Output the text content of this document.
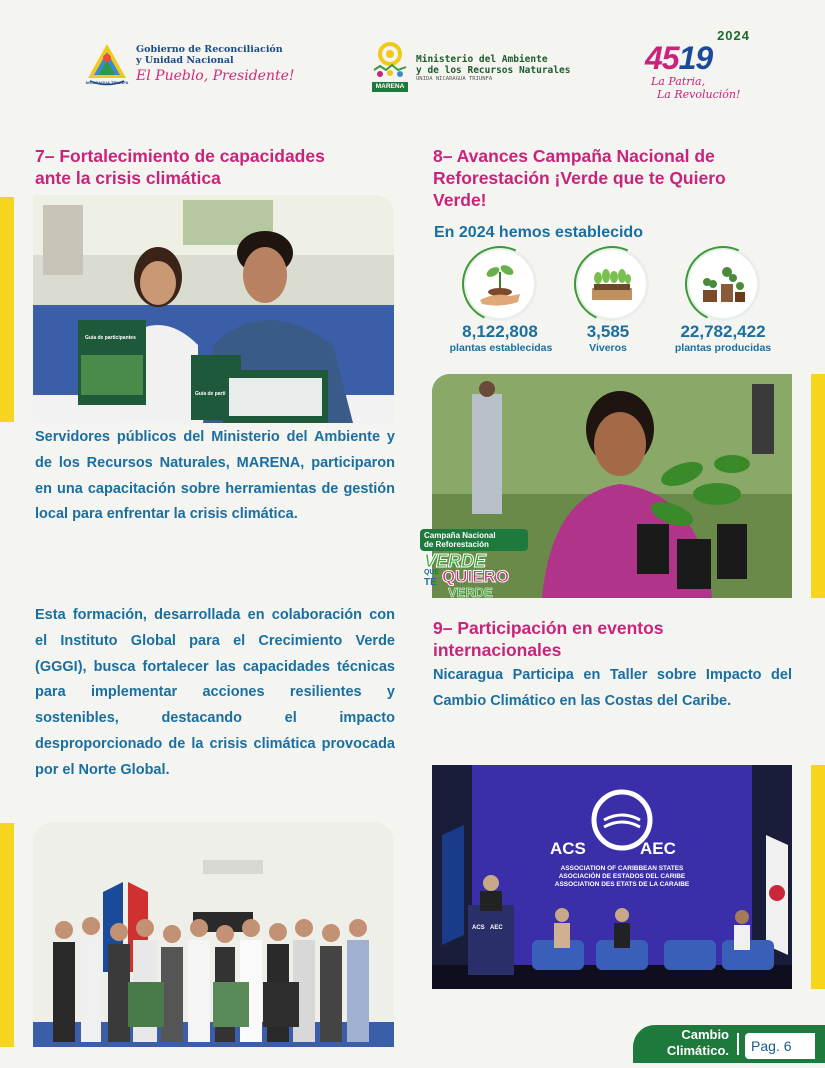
NICARAGUA TRIUNFA
Gobierno de Reconciliación
y Unidad Nacional
El Pueblo, Presidente!
MARENA
Ministerio del Ambiente
y de los Recursos Naturales
UNIDA NICARAGUA TRIUNFA
2024
4519
La Patria,
La Revolución!
7– Fortalecimiento de capacidades
ante la crisis climática
Guía de participantes
Guía de parti
Servidores públicos del Ministerio del Ambiente y de los Recursos Naturales, MARENA, participaron en una capacitación sobre herramientas de gestión local para enfrentar la crisis climática.
Esta formación, desarrollada en colaboración con el Instituto Global para el Crecimiento Verde (GGGI), busca fortalecer las capacidades técnicas para implementar acciones resilientes y sostenibles, destacando el impacto desproporcionado de la crisis climática provocada por el Norte Global.
8– Avances Campaña Nacional de
Reforestación ¡Verde que te Quiero
Verde!
En 2024 hemos establecido
8,122,808
plantas establecidas
3,585
Viveros
22,782,422
plantas producidas
Campaña Nacional
de Reforestación
VERDE
QUE
TE QUIERO
VERDE
9– Participación en eventos
internacionales
Nicaragua Participa en Taller sobre Impacto del Cambio Climático en las Costas del Caribe.
ACS	AEC
ASSOCIATION OF CARIBBEAN STATES
ASOCIACIÓN DE ESTADOS DEL CARIBE
ASSOCIATION DES ETATS DE LA CARAIBE
ACS AEC
Cambio
Climático.	Pag. 6
